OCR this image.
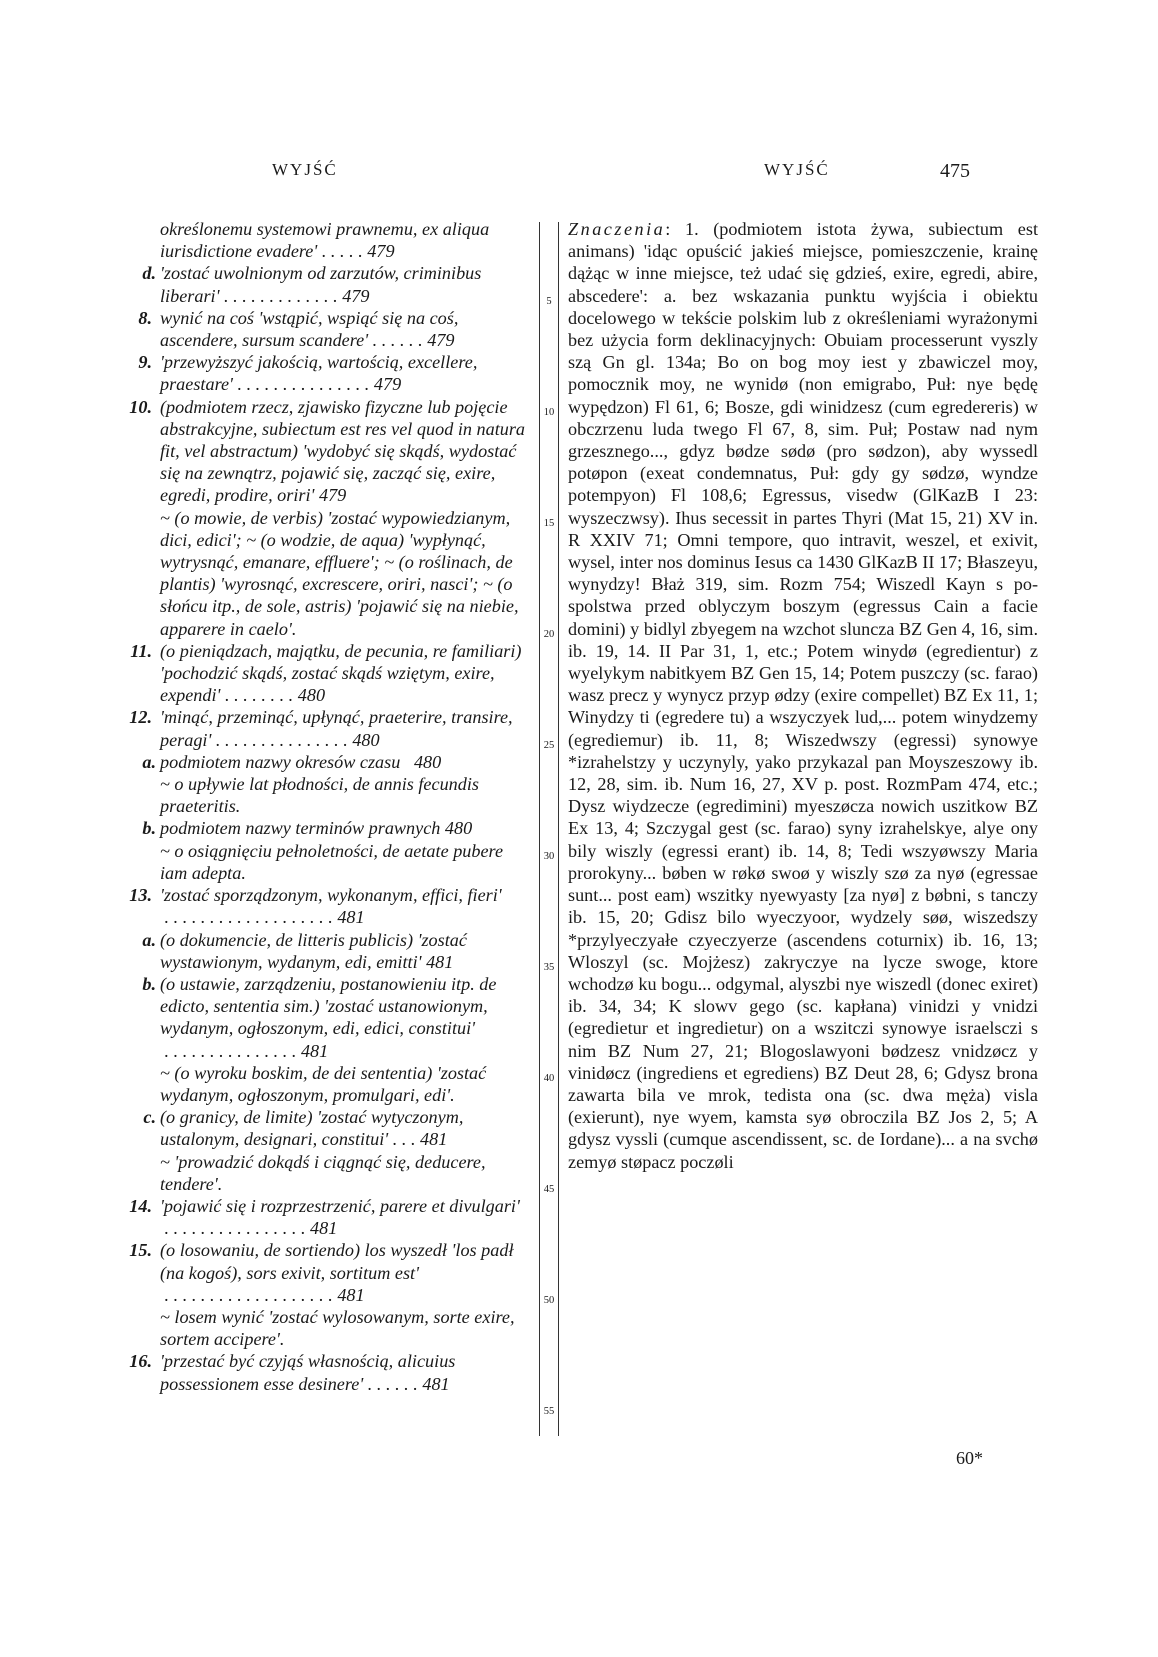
WYJŚĆ	WYJŚĆ	475
5
10
15
20
25
30
35
40
45
50
55
określonemu systemowi prawnemu, ex aliqua iurisdictione evadere' . . . . . 479
d. 'zostać uwolnionym od zarzutów, criminibus liberari' . . . . . . . . . . . . . 479
8. wynić na coś 'wstąpić, wspiąć się na coś, ascendere, sursum scandere' . . . . . . 479
9. 'przewyższyć jakością, wartością, excellere, praestare' . . . . . . . . . . . . . . . 479
10. (podmiotem rzecz, zjawisko fizyczne lub pojęcie abstrakcyjne, subiectum est res vel quod in natura fit, vel abstractum) 'wydobyć się skądś, wydostać się na zewnątrz, pojawić się, zacząć się, exire, egredi, prodire, oriri' 479
~ (o mowie, de verbis) 'zostać wypowiedzianym, dici, edici'; ~ (o wodzie, de aqua) 'wypłynąć, wytrysnąć, emanare, effluere'; ~ (o roślinach, de plantis) 'wyrosnąć, excrescere, oriri, nasci'; ~ (o słońcu itp., de sole, astris) 'pojawić się na niebie, apparere in caelo'.
11. (o pieniądzach, majątku, de pecunia, re familiari) 'pochodzić skądś, zostać skądś wziętym, exire, expendi' . . . . . . . . 480
12. 'minąć, przeminąć, upłynąć, praeterire, transire, peragi' . . . . . . . . . . . . . . . 480
a. podmiotem nazwy okresów czasu 480
~ o upływie lat płodności, de annis fecundis praeteritis.
b. podmiotem nazwy terminów prawnych 480
~ o osiągnięciu pełnoletności, de aetate pubere iam adepta.
13. 'zostać sporządzonym, wykonanym, effici, fieri' . . . . . . . . . . . . . . . . . . . 481
a. (o dokumencie, de litteris publicis) 'zostać wystawionym, wydanym, edi, emitti' 481
b. (o ustawie, zarządzeniu, postanowieniu itp. de edicto, sententia sim.) 'zostać ustanowionym, wydanym, ogłoszonym, edi, edici, constitui' . . . . . . . . . . . . . . . 481
~ (o wyroku boskim, de dei sententia) 'zostać wydanym, ogłoszonym, promulgari, edi'.
c. (o granicy, de limite) 'zostać wytyczonym, ustalonym, designari, constitui' . . . 481
~ 'prowadzić dokądś i ciągnąć się, deducere, tendere'.
14. 'pojawić się i rozprzestrzenić, parere et divulgari' . . . . . . . . . . . . . . . . 481
15. (o losowaniu, de sortiendo) los wyszedł 'los padł (na kogoś), sors exivit, sortitum est' . . . . . . . . . . . . . . . . . . . 481
~ losem wynić 'zostać wylosowanym, sorte exire, sortem accipere'.
16. 'przestać być czyjąś własnością, alicuius possessionem esse desinere' . . . . . . 481
Znaczenia: 1. (podmiotem istota żywa, subiectum est animans) 'idąc opuścić jakieś miejsce, pomieszczenie, krainę dążąc w inne miejsce, też udać się gdzieś, exire, egredi, abire, abscedere': a. bez wskazania punktu wyjścia i obiektu docelowego w tekście polskim lub z określeniami wyrażonymi bez użycia form deklinacyjnych: Obuiam processerunt vyszly szą Gn gl. 134a; Bo on bog moy iest y zbawiczel moy, pomocznik moy, ne wynidø (non emigrabo, Puł: nye będę wypędzon) Fl 61, 6; Bosze, gdi winidzesz (cum egredereris) w obczrzenu luda twego Fl 67, 8, sim. Puł; Postaw nad nym grzesznego..., gdyz bødze sødø (pro sødzon), aby wyssedl potøpon (exeat condemnatus, Puł: gdy gy sødzø, wyndze potempyon) Fl 108,6; Egressus, visedw (GlKazB I 23: wyszeczwsy). Ihus secessit in partes Thyri (Mat 15, 21) XV in. R XXIV 71; Omni tempore, quo intravit, weszel, et exivit, wysel, inter nos dominus Iesus ca 1430 GlKazB II 17; Błaszeyu, wynydzy! Błaż 319, sim. Rozm 754; Wiszedl Kayn s pospolstwa przed oblyczym boszym (egressus Cain a facie domini) y bidlyl zbyegem na wzchot sluncza BZ Gen 4, 16, sim. ib. 19, 14. II Par 31, 1, etc.; Potem winydø (egredientur) z wyelykym nabitkyem BZ Gen 15, 14; Potem puszczy (sc. farao) wasz precz y wynycz przyp ødzy (exire compellet) BZ Ex 11, 1; Winydzy ti (egredere tu) a wszyczyek lud,... potem winydzemy (egrediemur) ib. 11, 8; Wiszedwszy (egressi) synowye *izrahelstzy y uczynyly, yako przykazal pan Moyszeszowy ib. 12, 28, sim. ib. Num 16, 27, XV p. post. RozmPam 474, etc.; Dysz wiydzecze (egredimini) myeszøcza nowich uszitkow BZ Ex 13, 4; Szczygal gest (sc. farao) syny izrahelskye, alye ony bily wiszly (egressi erant) ib. 14, 8; Tedi wszyøwszy Maria prorokyny... bøben w røkø swoø y wiszly szø za nyø (egressae sunt... post eam) wszitky nyewyasty [za nyø] z bøbni, s tanczy ib. 15, 20; Gdisz bilo wyeczyoor, wydzely søø, wiszedszy *przylyeczyałe czyeczyerze (ascendens coturnix) ib. 16, 13; Wloszyl (sc. Mojżesz) zakryczye na lycze swoge, ktore wchodzø ku bogu... odgymal, alyszbi nye wiszedl (donec exiret) ib. 34, 34; K slowv gego (sc. kapłana) vinidzi y vnidzi (egredietur et ingredietur) on a wszitczi synowye israelsczi s nim BZ Num 27, 21; Blogoslawyoni bødzesz vnidzøcz y vinidøcz (ingrediens et egrediens) BZ Deut 28, 6; Gdysz brona zawarta bila ve mrok, tedista ona (sc. dwa męża) visla (exierunt), nye wyem, kamsta syø obroczila BZ Jos 2, 5; A gdysz vyssli (cumque ascendissent, sc. de Iordane)... a na svchø zemyø støpacz poczøli
60*
